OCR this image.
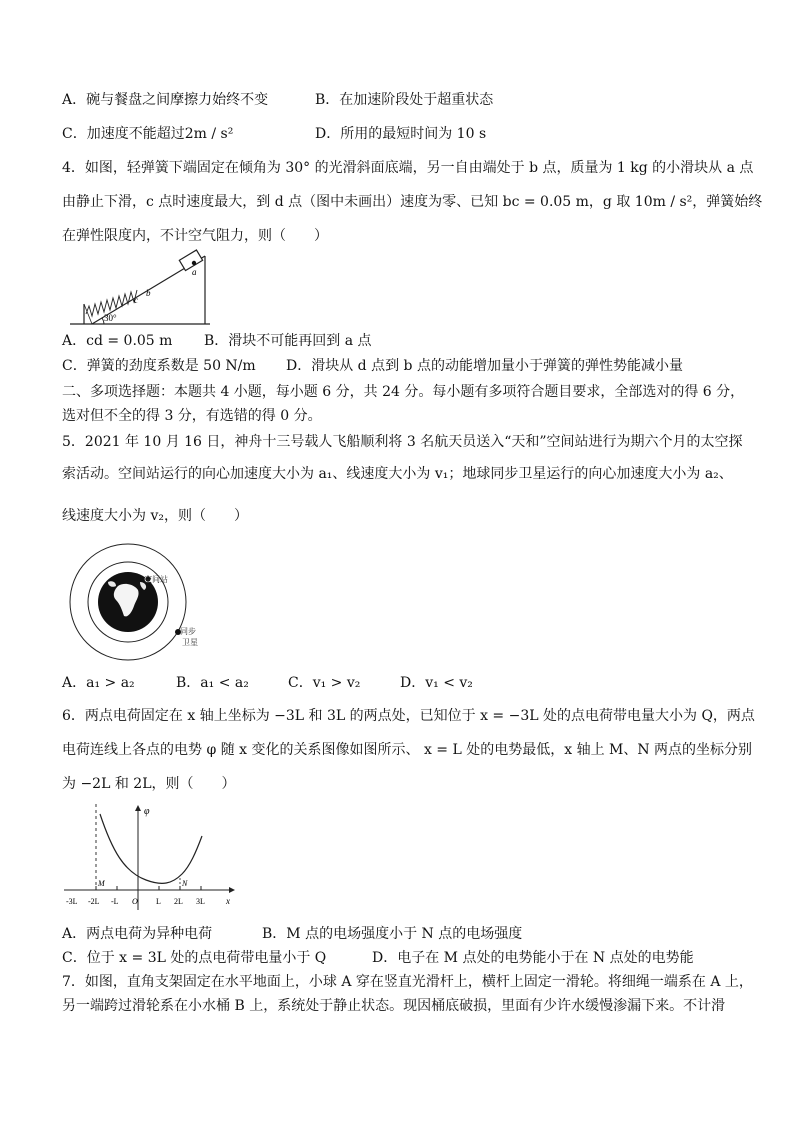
A．碗与餐盘之间摩擦力始终不变	B．在加速阶段处于超重状态
C．加速度不能超过2m / s²	D．所用的最短时间为 10 s
4．如图，轻弹簧下端固定在倾角为 30° 的光滑斜面底端，另一自由端处于 b 点，质量为 1 kg 的小滑块从 a 点
由静止下滑，c 点时速度最大，到 d 点（图中未画出）速度为零、已知 bc = 0.05 m，g 取 10m / s²，弹簧始终
在弹性限度内，不计空气阻力，则（　　）
a
b
c
30°
A．cd = 0.05 m B．滑块不可能再回到 a 点
C．弹簧的劲度系数是 50 N/m D．滑块从 d 点到 b 点的动能增加量小于弹簧的弹性势能减小量
二、多项选择题：本题共 4 小题，每小题 6 分，共 24 分。每小题有多项符合题目要求，全部选对的得 6 分，
选对但不全的得 3 分，有选错的得 0 分。
5．2021 年 10 月 16 日，神舟十三号载人飞船顺利将 3 名航天员送入“天和”空间站进行为期六个月的太空探
索活动。空间站运行的向心加速度大小为 a₁、线速度大小为 v₁；地球同步卫星运行的向心加速度大小为 a₂、
线速度大小为 v₂，则（　　）
空间站
同步
卫星
A．a₁ > a₂	B．a₁ < a₂	C．v₁ > v₂	D．v₁ < v₂
6．两点电荷固定在 x 轴上坐标为 −3L 和 3L 的两点处，已知位于 x = −3L 处的点电荷带电量大小为 Q，两点
电荷连线上各点的电势 φ 随 x 变化的关系图像如图所示、 x = L 处的电势最低，x 轴上 M、N 两点的坐标分别
为 −2L 和 2L，则（　　）
φ
x
M	N
-3L -2L -L O L 2L 3L
A．两点电荷为异种电荷	B．M 点的电场强度小于 N 点的电场强度
C．位于 x = 3L 处的点电荷带电量小于 Q	D．电子在 M 点处的电势能小于在 N 点处的电势能
7．如图，直角支架固定在水平地面上，小球 A 穿在竖直光滑杆上，横杆上固定一滑轮。将细绳一端系在 A 上，
另一端跨过滑轮系在小水桶 B 上，系统处于静止状态。现因桶底破损，里面有少许水缓慢渗漏下来。不计滑
